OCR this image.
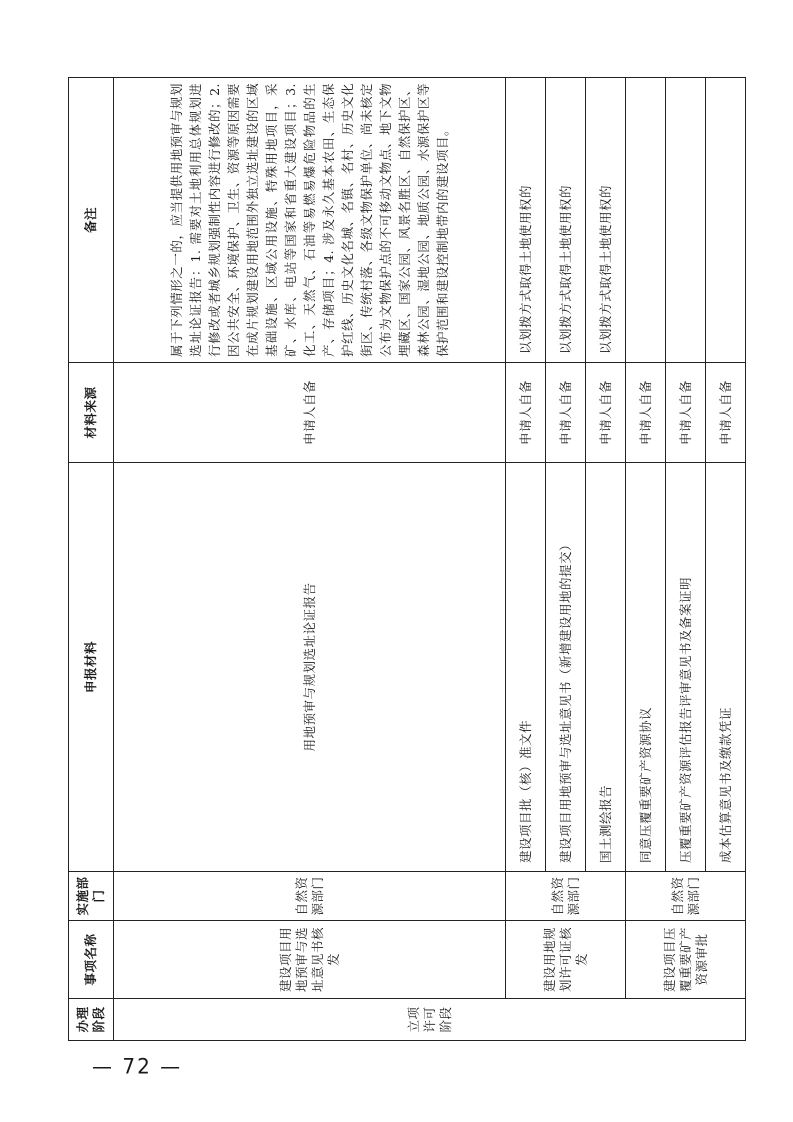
办理阶段	事项名称	实施部门	申报材料	材料来源	备注
立项许可阶段	建设项目用地预审与选址意见书核发	自然资源部门	用地预审与规划选址论证报告	申请人自备	属于下列情形之一的，应当提供用地预审与规划选址论证报告：1. 需要对土地利用总体规划进行修改或者城乡规划强制性内容进行修改的；2. 因公共安全、环境保护、卫生、资源等原因需要在成片规划建设用地范围外独立选址建设的区域基础设施、区域公用设施、特殊用地项目，采矿、水库、电站等国家和省重大建设项目；3. 化工、天然气、石油等易燃易爆危险物品的生产、存储项目；4. 涉及永久基本农田、生态保护红线、历史文化名城、名镇、名村、历史文化街区、传统村落、各级文物保护单位、尚未核定公布为文物保护点的不可移动文物点、地下文物埋藏区、国家公园、风景名胜区、自然保护区、森林公园、湿地公园、地质公园、水源保护区等保护范围和建设控制地带内的建设项目。
	建设用地规划许可证核发	自然资源部门	建设项目批（核）准文件	申请人自备	以划拨方式取得土地使用权的
			建设项目用地预审与选址意见书（新增建设用地的提交）	申请人自备	以划拨方式取得土地使用权的
			国土测绘报告	申请人自备	以划拨方式取得土地使用权的
	建设项目压覆重要矿产资源审批	自然资源部门	同意压覆重要矿产资源协议	申请人自备	
			压覆重要矿产资源评估报告评审意见书及备案证明	申请人自备	
			成本估算意见书及缴款凭证	申请人自备	
— 72 —
